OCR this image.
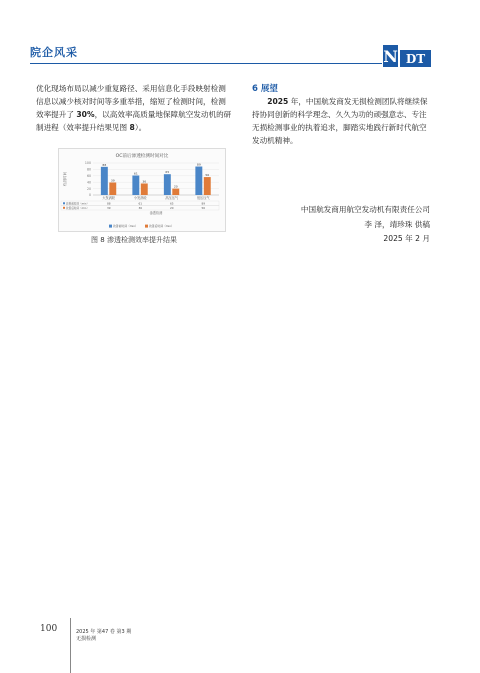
院企风采	N DT
优化现场布局以减少重复路径、采用信息化手段映射检测信息以减少核对时间等多重举措，缩短了检测时间，检测效率提升了 30%，以高效率高质量地保障航空发动机的研制进程（效率提升结果见图 8）。
OC前后渗透检测时间对比
检测时间
0
20
40
60
80
100	88
39
大发涡轮
61
36
小发涡轮
65
20
高压压气
89
56
低压压气
改善前时间（min）	88	61	65	89
改善后时间（min）	39	36	20	56
渗透检测
改善前时间（min）	改善后时间（min）
图 8 渗透检测效率提升结果
6 展望
2025 年，中国航发商发无损检测团队将继续保持协同创新的科学理念、久久为功的顽强意志、专注无损检测事业的执着追求，脚踏实地践行新时代航空发动机精神。
中国航发商用航空发动机有限责任公司
李 泽，靖珍珠 供稿
2025 年 2 月
100	2025 年 第47 卷 第3 期
无损检测
